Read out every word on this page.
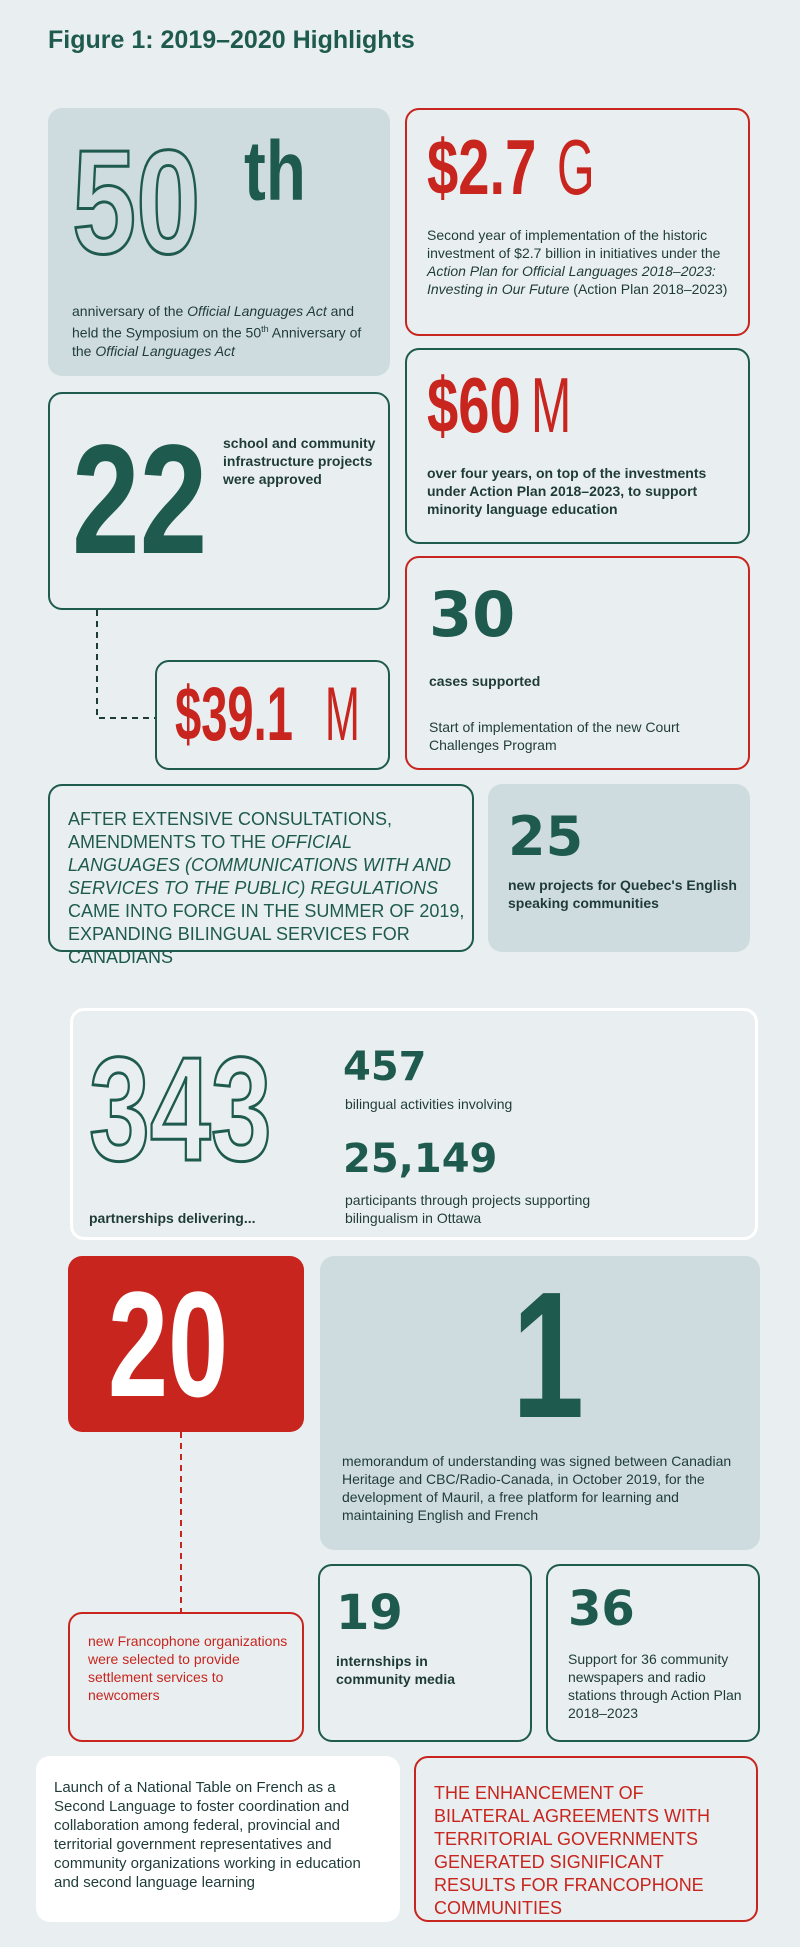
Figure 1: 2019–2020 Highlights
50 th
anniversary of the Official Languages Act and held the Symposium on the 50th Anniversary of the Official Languages Act
$2.7 G
Second year of implementation of the historic investment of $2.7 billion in initiatives under the Action Plan for Official Languages 2018–2023: Investing in Our Future (Action Plan 2018–2023)
22	school and community infrastructure projects were approved
$60 M
over four years, on top of the investments under Action Plan 2018–2023, to support minority language education
$39.1 M
30
cases supported
Start of implementation of the new Court Challenges Program
AFTER EXTENSIVE CONSULTATIONS, AMENDMENTS TO THE OFFICIAL LANGUAGES (COMMUNICATIONS WITH AND SERVICES TO THE PUBLIC) REGULATIONS CAME INTO FORCE IN THE SUMMER OF 2019, EXPANDING BILINGUAL SERVICES FOR CANADIANS
25
new projects for Quebec's English speaking communities
343
partnerships delivering...
457
bilingual activities involving
25,149
participants through projects supporting bilingualism in Ottawa
20 1
memorandum of understanding was signed between Canadian Heritage and CBC/Radio-Canada, in October 2019, for the development of Mauril, a free platform for learning and maintaining English and French
new Francophone organizations were selected to provide settlement services to newcomers
19
internships in community media
36
Support for 36 community newspapers and radio stations through Action Plan 2018–2023
Launch of a National Table on French as a Second Language to foster coordination and collaboration among federal, provincial and territorial government representatives and community organizations working in education and second language learning
THE ENHANCEMENT OF BILATERAL AGREEMENTS WITH TERRITORIAL GOVERNMENTS GENERATED SIGNIFICANT RESULTS FOR FRANCOPHONE COMMUNITIES
